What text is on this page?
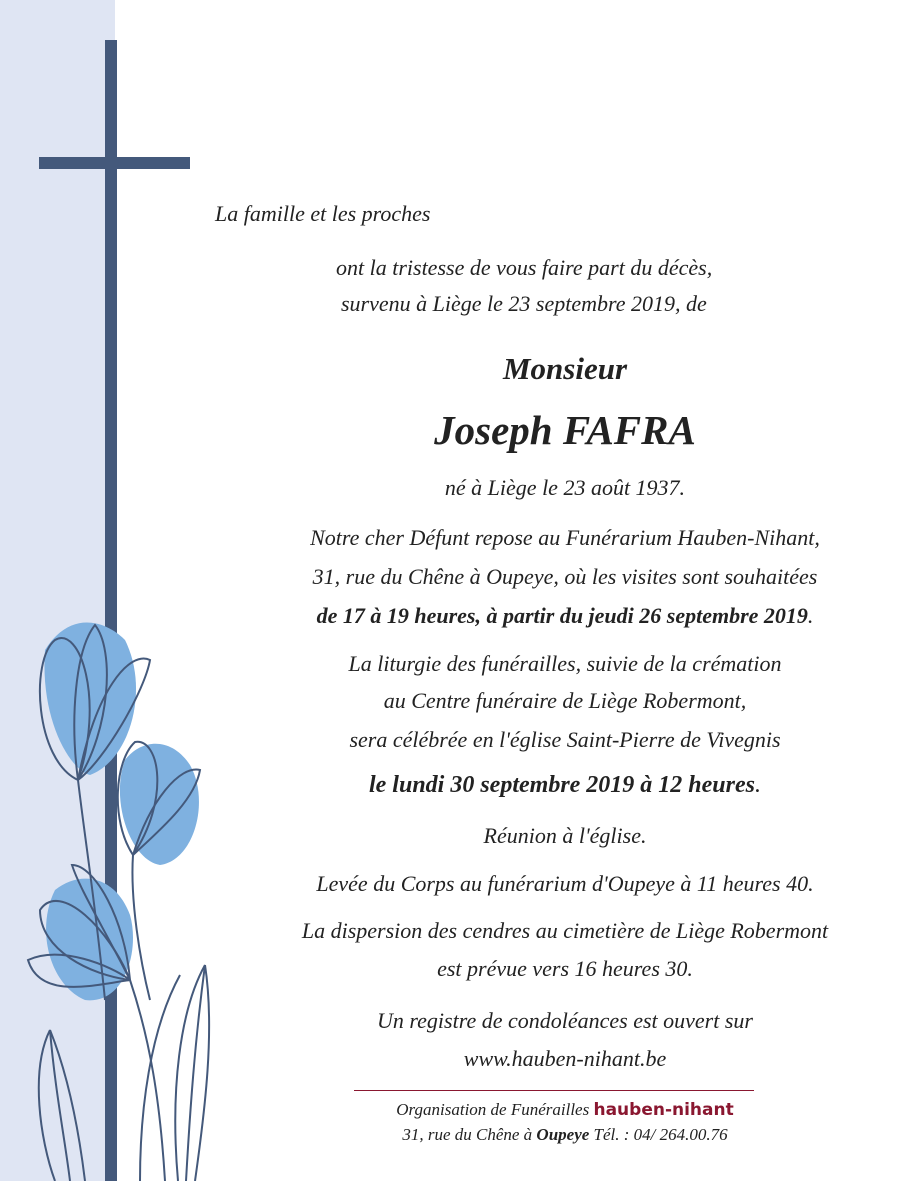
La famille et les proches
ont la tristesse de vous faire part du décès,
survenu à Liège le 23 septembre 2019, de
Monsieur
Joseph FAFRA
né à Liège le 23 août 1937.
Notre cher Défunt repose au Funérarium Hauben-Nihant,
31, rue du Chêne à Oupeye, où les visites sont souhaitées
de 17 à 19 heures, à partir du jeudi 26 septembre 2019.
La liturgie des funérailles, suivie de la crémation
au Centre funéraire de Liège Robermont,
sera célébrée en l'église Saint-Pierre de Vivegnis
le lundi 30 septembre 2019 à 12 heures.
Réunion à l'église.
Levée du Corps au funérarium d'Oupeye à 11 heures 40.
La dispersion des cendres au cimetière de Liège Robermont
est prévue vers 16 heures 30.
Un registre de condoléances est ouvert sur
www.hauben-nihant.be
Organisation de Funérailles hauben-nihant
31, rue du Chêne à Oupeye Tél. : 04/ 264.00.76
